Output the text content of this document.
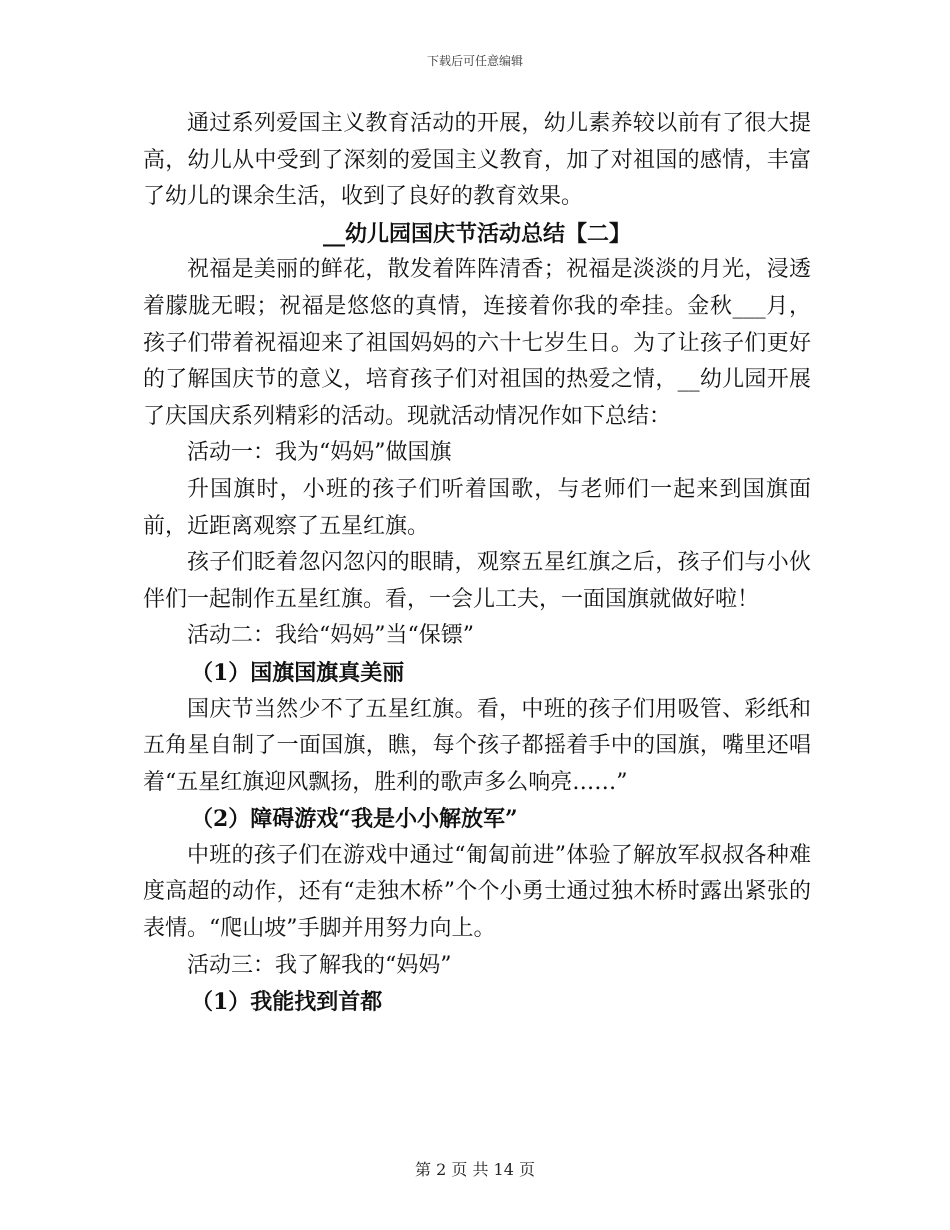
下载后可任意编辑

通过系列爱国主义教育活动的开展，幼儿素养较以前有了很大提高，幼儿从中受到了深刻的爱国主义教育，加了对祖国的感情，丰富了幼儿的课余生活，收到了良好的教育效果。

__幼儿园国庆节活动总结【二】

祝福是美丽的鲜花，散发着阵阵清香；祝福是淡淡的月光，浸透着朦胧无暇；祝福是悠悠的真情，连接着你我的牵挂。金秋___月，孩子们带着祝福迎来了祖国妈妈的六十七岁生日。为了让孩子们更好的了解国庆节的意义，培育孩子们对祖国的热爱之情，__幼儿园开展了庆国庆系列精彩的活动。现就活动情况作如下总结：

活动一：我为“妈妈”做国旗

升国旗时，小班的孩子们听着国歌，与老师们一起来到国旗面前，近距离观察了五星红旗。

孩子们眨着忽闪忽闪的眼睛，观察五星红旗之后，孩子们与小伙伴们一起制作五星红旗。看，一会儿工夫，一面国旗就做好啦！

活动二：我给“妈妈”当“保镖”

（1）国旗国旗真美丽

国庆节当然少不了五星红旗。看，中班的孩子们用吸管、彩纸和五角星自制了一面国旗，瞧，每个孩子都摇着手中的国旗，嘴里还唱着“五星红旗迎风飘扬，胜利的歌声多么响亮……”

（2）障碍游戏“我是小小解放军”

中班的孩子们在游戏中通过“匍匐前进”体验了解放军叔叔各种难度高超的动作，还有“走独木桥”个个小勇士通过独木桥时露出紧张的表情。“爬山坡”手脚并用努力向上。

活动三：我了解我的“妈妈”

（1）我能找到首都

第 2 页 共 14 页
